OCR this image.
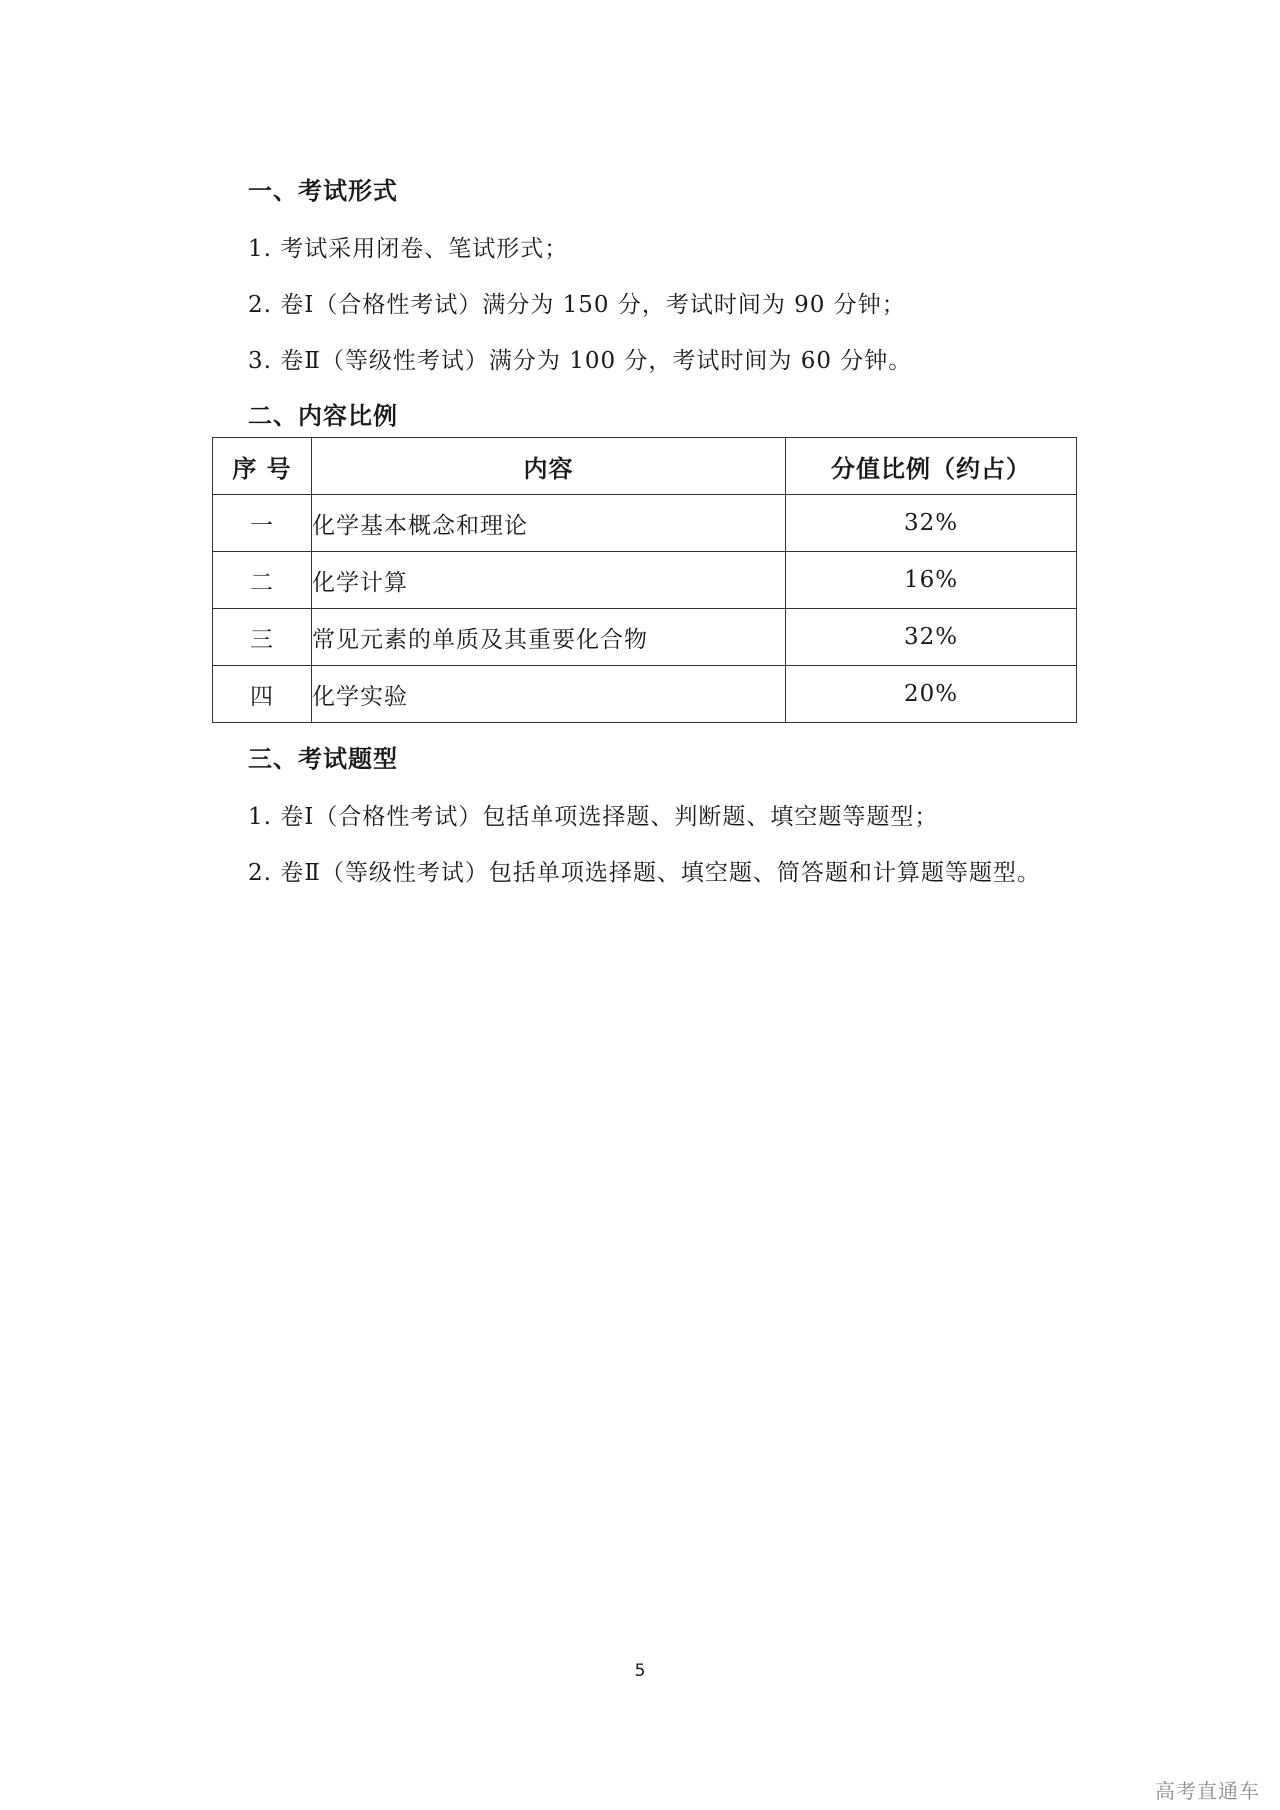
一、考试形式
1. 考试采用闭卷、笔试形式；
2. 卷Ⅰ（合格性考试）满分为 150 分，考试时间为 90 分钟；
3. 卷Ⅱ（等级性考试）满分为 100 分，考试时间为 60 分钟。
二、内容比例
序 号	内容	分值比例（约占）
一	化学基本概念和理论	32%
二	化学计算	16%
三	常见元素的单质及其重要化合物	32%
四	化学实验	20%
三、考试题型
1. 卷Ⅰ（合格性考试）包括单项选择题、判断题、填空题等题型；
2. 卷Ⅱ（等级性考试）包括单项选择题、填空题、简答题和计算题等题型。
5
高考直通车
